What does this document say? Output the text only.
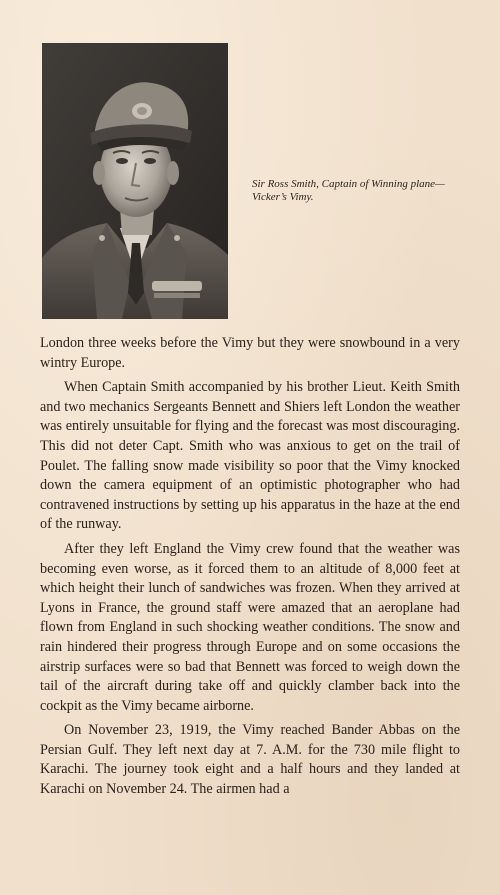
Sir Ross Smith, Captain of Winning plane—Vicker’s Vimy.

London three weeks before the Vimy but they were snowbound in a very wintry Europe.

When Captain Smith accompanied by his brother Lieut. Keith Smith and two mechanics Sergeants Bennett and Shiers left London the weather was entirely unsuitable for flying and the forecast was most discouraging. This did not deter Capt. Smith who was anxious to get on the trail of Poulet. The falling snow made visibility so poor that the Vimy knocked down the camera equipment of an optimistic photographer who had contravened instructions by setting up his apparatus in the haze at the end of the runway.

After they left England the Vimy crew found that the weather was becoming even worse, as it forced them to an altitude of 8,000 feet at which height their lunch of sandwiches was frozen. When they arrived at Lyons in France, the ground staff were amazed that an aeroplane had flown from England in such shocking weather conditions. The snow and rain hindered their progress through Europe and on some occasions the airstrip surfaces were so bad that Bennett was forced to weigh down the tail of the aircraft during take off and quickly clamber back into the cockpit as the Vimy became airborne.

On November 23, 1919, the Vimy reached Bander Abbas on the Persian Gulf. They left next day at 7. A.M. for the 730 mile flight to Karachi. The journey took eight and a half hours and they landed at Karachi on November 24. The airmen had a
